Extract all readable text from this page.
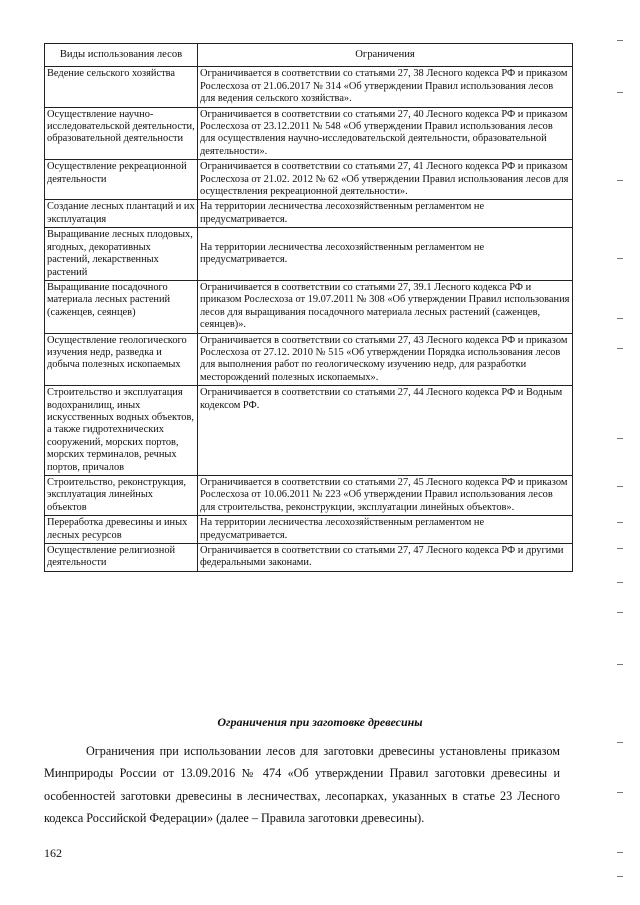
Виды использования лесов	Ограничения
Ведение сельского хозяйства	Ограничивается в соответствии со статьями 27, 38 Лесного кодекса РФ и приказом Рослесхоза от 21.06.2017 № 314 «Об утверждении Правил использования лесов для ведения сельского хозяйства».
Осуществление научно-исследовательской деятельности, образовательной деятельности	Ограничивается в соответствии со статьями 27, 40 Лесного кодекса РФ и приказом Рослесхоза от 23.12.2011 № 548 «Об утверждении Правил использования лесов для осуществления научно-исследовательской деятельности, образовательной деятельности».
Осуществление рекреационной деятельности	Ограничивается в соответствии со статьями 27, 41 Лесного кодекса РФ и приказом Рослесхоза от 21.02. 2012 № 62 «Об утверждении Правил использования лесов для осуществления рекреационной деятельности».
Создание лесных плантаций и их эксплуатация	На территории лесничества лесохозяйственным регламентом не предусматривается.
Выращивание лесных плодовых, ягодных, декоративных растений, лекарственных растений	На территории лесничества лесохозяйственным регламентом не предусматривается.
Выращивание посадочного материала лесных растений (саженцев, сеянцев)	Ограничивается в соответствии со статьями 27, 39.1 Лесного кодекса РФ и приказом Рослесхоза от 19.07.2011 № 308 «Об утверждении Правил использования лесов для выращивания посадочного материала лесных растений (саженцев, сеянцев)».
Осуществление геологического изучения недр, разведка и добыча полезных ископаемых	Ограничивается в соответствии со статьями 27, 43 Лесного кодекса РФ и приказом Рослесхоза от 27.12. 2010 № 515 «Об утверждении Порядка использования лесов для выполнения работ по геологическому изучению недр, для разработки месторождений полезных ископаемых».
Строительство и эксплуатация водохранилищ, иных искусственных водных объектов, а также гидротехнических сооружений, морских портов, морских терминалов, речных портов, причалов	Ограничивается в соответствии со статьями 27, 44 Лесного кодекса РФ и Водным кодексом РФ.
Строительство, реконструкция, эксплуатация линейных объектов	Ограничивается в соответствии со статьями 27, 45 Лесного кодекса РФ и приказом Рослесхоза от 10.06.2011 № 223 «Об утверждении Правил использования лесов для строительства, реконструкции, эксплуатации линейных объектов».
Переработка древесины и иных лесных ресурсов	На территории лесничества лесохозяйственным регламентом не предусматривается.
Осуществление религиозной деятельности	Ограничивается в соответствии со статьями 27, 47 Лесного кодекса РФ и другими федеральными законами.
Ограничения при заготовке древесины
Ограничения при использовании лесов для заготовки древесины установлены приказом Минприроды России от 13.09.2016 № 474 «Об утверждении Правил заготовки древесины и особенностей заготовки древесины в лесничествах, лесопарках, указанных в статье 23 Лесного кодекса Российской Федерации» (далее – Правила заготовки древесины).
162
